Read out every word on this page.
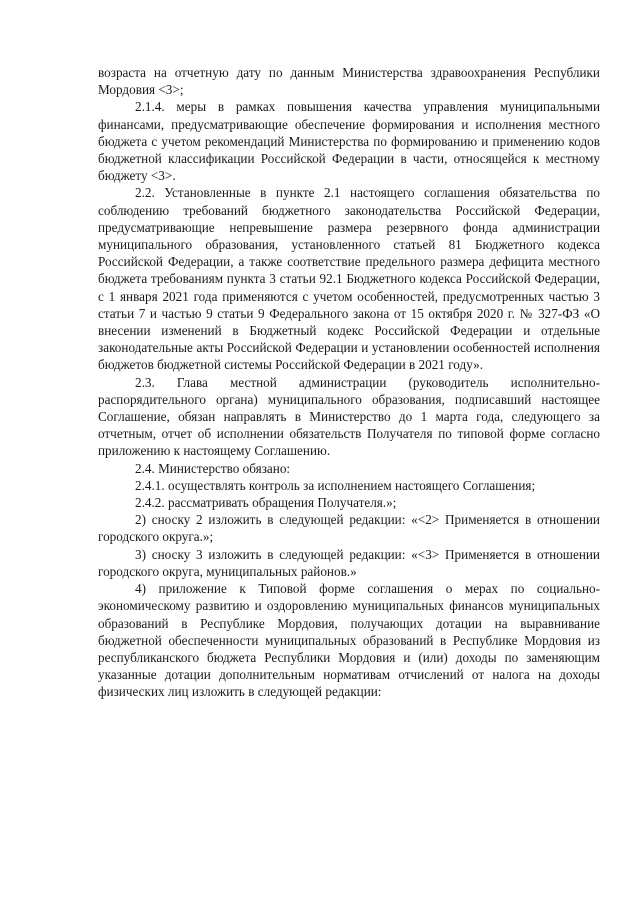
возраста на отчетную дату по данным Министерства здравоохранения Республики Мордовия <3>;

2.1.4. меры в рамках повышения качества управления муниципальными финансами, предусматривающие обеспечение формирования и исполнения местного бюджета с учетом рекомендаций Министерства по формированию и применению кодов бюджетной классификации Российской Федерации в части, относящейся к местному бюджету <3>.

2.2. Установленные в пункте 2.1 настоящего соглашения обязательства по соблюдению требований бюджетного законодательства Российской Федерации, предусматривающие непревышение размера резервного фонда администрации муниципального образования, установленного статьей 81 Бюджетного кодекса Российской Федерации, а также соответствие предельного размера дефицита местного бюджета требованиям пункта 3 статьи 92.1 Бюджетного кодекса Российской Федерации, с 1 января 2021 года применяются с учетом особенностей, предусмотренных частью 3 статьи 7 и частью 9 статьи 9 Федерального закона от 15 октября 2020 г. № 327-ФЗ «О внесении изменений в Бюджетный кодекс Российской Федерации и отдельные законодательные акты Российской Федерации и установлении особенностей исполнения бюджетов бюджетной системы Российской Федерации в 2021 году».

2.3. Глава местной администрации (руководитель исполнительно-распорядительного органа) муниципального образования, подписавший настоящее Соглашение, обязан направлять в Министерство до 1 марта года, следующего за отчетным, отчет об исполнении обязательств Получателя по типовой форме согласно приложению к настоящему Соглашению.

2.4. Министерство обязано:

2.4.1. осуществлять контроль за исполнением настоящего Соглашения;

2.4.2. рассматривать обращения Получателя.»;

2) сноску 2 изложить в следующей редакции: «<2> Применяется в отношении городского округа.»;

3) сноску 3 изложить в следующей редакции: «<3> Применяется в отношении городского округа, муниципальных районов.»

4) приложение к Типовой форме соглашения о мерах по социально-экономическому развитию и оздоровлению муниципальных финансов муниципальных образований в Республике Мордовия, получающих дотации на выравнивание бюджетной обеспеченности муниципальных образований в Республике Мордовия из республиканского бюджета Республики Мордовия и (или) доходы по заменяющим указанные дотации дополнительным нормативам отчислений от налога на доходы физических лиц изложить в следующей редакции:
